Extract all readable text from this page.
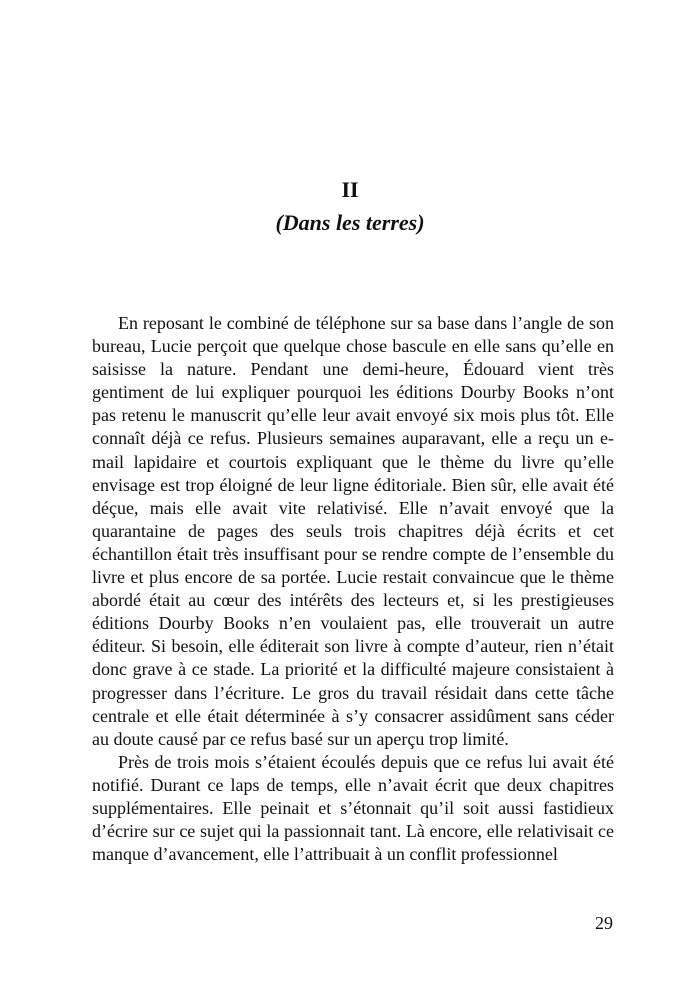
II
(Dans les terres)

En reposant le combiné de téléphone sur sa base dans l’angle de son bureau, Lucie perçoit que quelque chose bascule en elle sans qu’elle en saisisse la nature. Pendant une demi-heure, Édouard vient très gentiment de lui expliquer pourquoi les éditions Dourby Books n’ont pas retenu le manuscrit qu’elle leur avait envoyé six mois plus tôt. Elle connaît déjà ce refus. Plusieurs semaines auparavant, elle a reçu un e-mail lapidaire et courtois expliquant que le thème du livre qu’elle envisage est trop éloigné de leur ligne éditoriale. Bien sûr, elle avait été déçue, mais elle avait vite relativisé. Elle n’avait envoyé que la quarantaine de pages des seuls trois chapitres déjà écrits et cet échantillon était très insuffisant pour se rendre compte de l’ensemble du livre et plus encore de sa portée. Lucie restait convaincue que le thème abordé était au cœur des intérêts des lecteurs et, si les prestigieuses éditions Dourby Books n’en voulaient pas, elle trouverait un autre éditeur. Si besoin, elle éditerait son livre à compte d’auteur, rien n’était donc grave à ce stade. La priorité et la difficulté majeure consistaient à progresser dans l’écriture. Le gros du travail résidait dans cette tâche centrale et elle était déterminée à s’y consacrer assidûment sans céder au doute causé par ce refus basé sur un aperçu trop limité.

Près de trois mois s’étaient écoulés depuis que ce refus lui avait été notifié. Durant ce laps de temps, elle n’avait écrit que deux chapitres supplémentaires. Elle peinait et s’étonnait qu’il soit aussi fastidieux d’écrire sur ce sujet qui la passionnait tant. Là encore, elle relativisait ce manque d’avancement, elle l’attribuait à un conflit professionnel

29
